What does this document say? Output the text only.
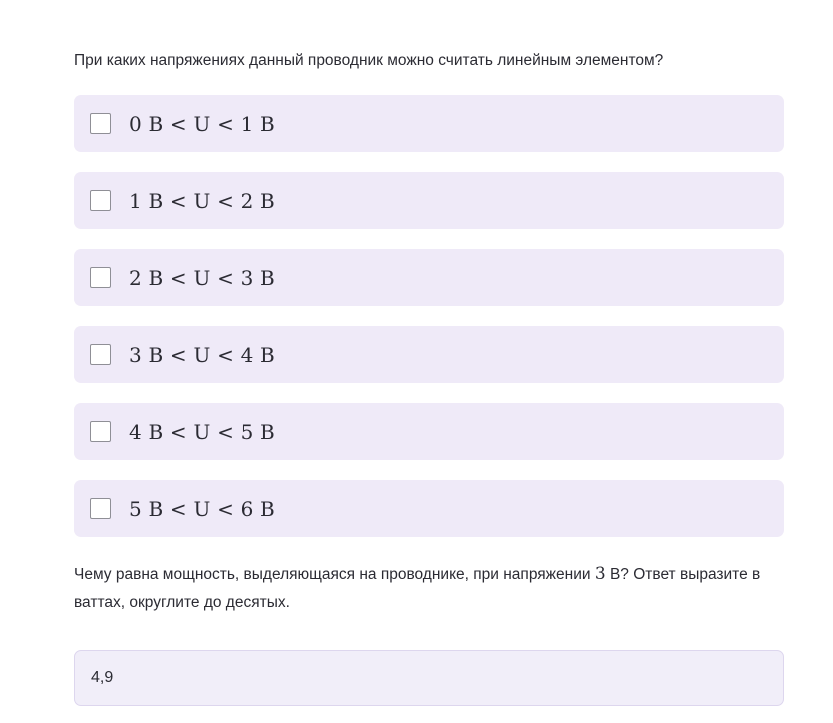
При каких напряжениях данный проводник можно считать линейным элементом?
0 В < U < 1 В
1 В < U < 2 В
2 В < U < 3 В
3 В < U < 4 В
4 В < U < 5 В
5 В < U < 6 В
Чему равна мощность, выделяющаяся на проводнике, при напряжении 3 В? Ответ выразите в ваттах, округлите до десятых.
4,9
